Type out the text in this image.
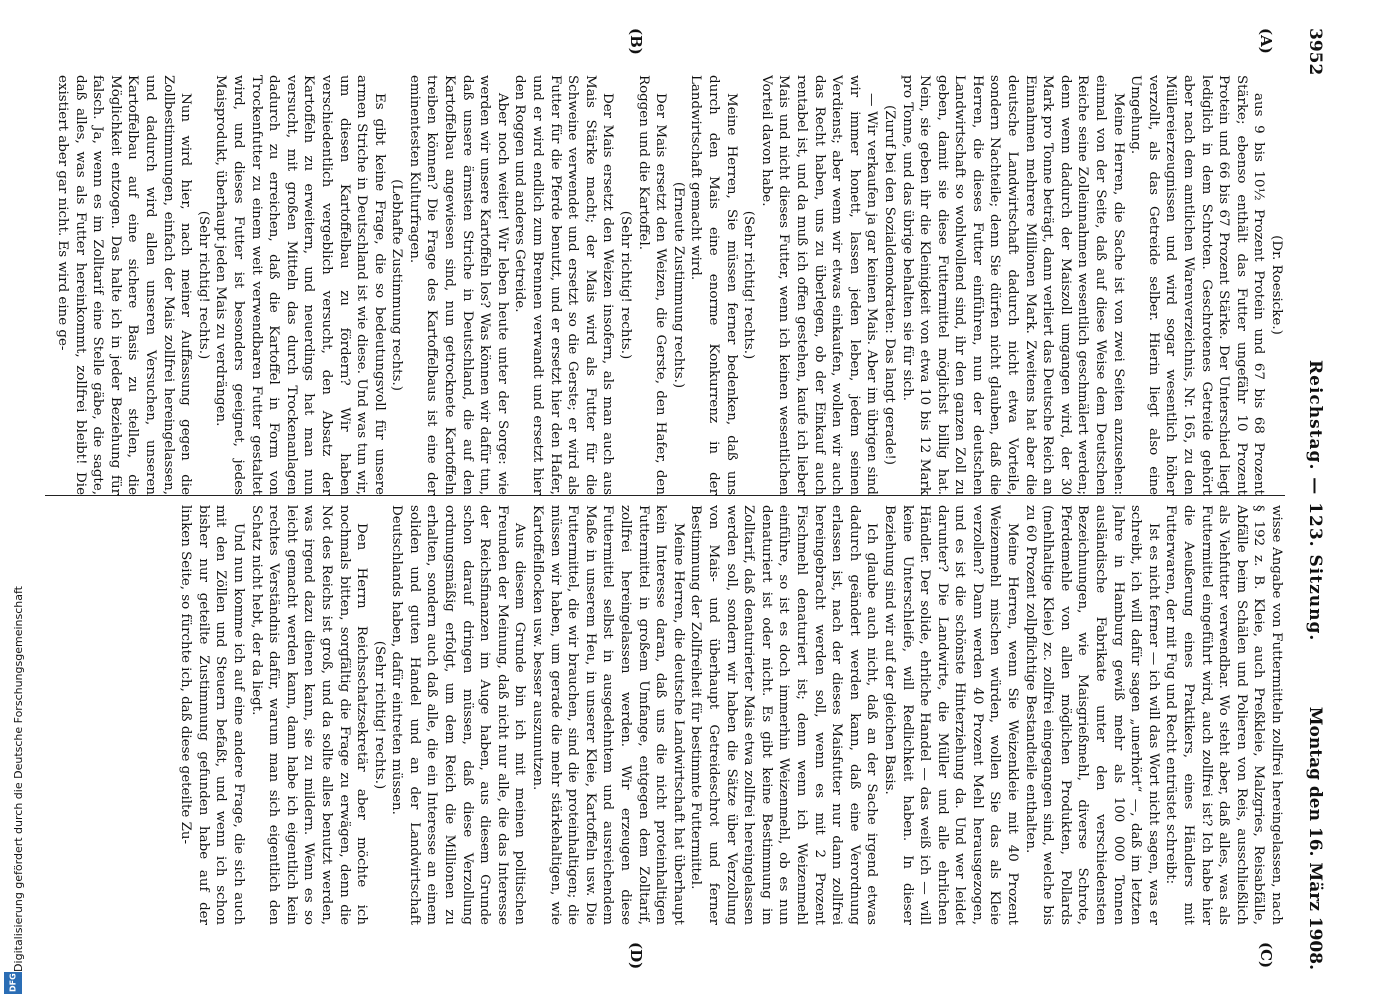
3952
Reichstag. — 123. Sitzung.
Montag den 16. März 1908.
(A)
(B)
(C)
(D)

(Dr. Roesicke.)

aus 9 bis 10½ Prozent Protein und 67 bis 68 Prozent Stärke; ebenso enthält das Futter ungefähr 10 Prozent Protein und 66 bis 67 Prozent Stärke. Der Unterschied liegt lediglich in dem Schroten. Geschrotenes Getreide gehört aber nach dem amtlichen Warenverzeichnis, Nr. 165, zu den Müllereierzeugnissen und wird sogar wesentlich höher verzollt, als das Getreide selber. Hierin liegt also eine Umgehung.

Meine Herren, die Sache ist von zwei Seiten anzusehen: einmal von der Seite, daß auf diese Weise dem Deutschen Reiche seine Zolleinnahmen wesentlich geschmälert werden; denn wenn dadurch der Maiszoll umgangen wird, der 30 Mark pro Tonne beträgt, dann verliert das Deutsche Reich an Einnahmen mehrere Millionen Mark. Zweitens hat aber die deutsche Landwirtschaft dadurch nicht etwa Vorteile, sondern Nachteile; denn Sie dürfen nicht glauben, daß die Herren, die dieses Futter einführen, nun der deutschen Landwirtschaft so wohlwollend sind, ihr den ganzen Zoll zu geben, damit sie diese Futtermittel möglichst billig hat. Nein, sie geben ihr die Kleinigkeit von etwa 10 bis 12 Mark pro Tonne, und das übrige behalten sie für sich.

(Zuruf bei den Sozialdemokraten: Das langt gerade!)

— Wir verkaufen ja gar keinen Mais. Aber im übrigen sind wir immer honett, lassen jeden leben, jedem seinen Verdienst; aber wenn wir etwas einkaufen, wollen wir auch das Recht haben, uns zu überlegen, ob der Einkauf auch rentabel ist, und da muß ich offen gestehen, kaufe ich lieber Mais und nicht dieses Futter, wenn ich keinen wesentlichen Vorteil davon habe.

(Sehr richtig! rechts.)

Meine Herren, Sie müssen ferner bedenken, daß uns durch den Mais eine enorme Konkurrenz in der Landwirtschaft gemacht wird.

(Erneute Zustimmung rechts.)

Der Mais ersetzt den Weizen, die Gerste, den Hafer, den Roggen und die Kartoffel.

(Sehr richtig! rechts.)

Der Mais ersetzt den Weizen insofern, als man auch aus Mais Stärke macht; der Mais wird als Futter für die Schweine verwendet und ersetzt so die Gerste; er wird als Futter für die Pferde benutzt, und er ersetzt hier den Hafer, und er wird endlich zum Brennen verwandt und ersetzt hier den Roggen und anderes Getreide.

Aber noch weiter! Wir leben heute unter der Sorge: wie werden wir unsere Kartoffeln los? Was können wir dafür tun, daß unsere ärmsten Striche in Deutschland, die auf den Kartoffelbau angewiesen sind, nun getrocknete Kartoffeln treiben können? Die Frage des Kartoffelbaus ist eine der eminentesten Kulturfragen.

(Lebhafte Zustimmung rechts.)

Es gibt keine Frage, die so bedeutungsvoll für unsere armen Striche in Deutschland ist wie diese. Und was tun wir, um diesen Kartoffelbau zu fördern? Wir haben verschiedentlich vergeblich versucht, den Absatz der Kartoffeln zu erweitern, und neuerdings hat man nun versucht, mit großen Mitteln das durch Trockenanlagen dadurch zu erreichen, daß die Kartoffel in Form von Trockenfutter zu einem weit verwendbaren Futter gestaltet wird, und dieses Futter ist besonders geeignet, jedes Maisprodukt, überhaupt jeden Mais zu verdrängen.

(Sehr richtig! rechts.)

Nun wird hier, nach meiner Auffassung gegen die Zollbestimmungen, einfach der Mais zollfrei hereingelassen, und dadurch wird allen unseren Versuchen, unseren Kartoffelbau auf eine sichere Basis zu stellen, die Möglichkeit entzogen. Das halte ich in jeder Beziehung für falsch. Ja, wenn es im Zolltarif eine Stelle gäbe, die sagte, daß alles, was als Futter hereinkommt, zollfrei bleibt! Die existiert aber gar nicht. Es wird eine ge-

wisse Angabe von Futtermitteln zollfrei hereingelassen, nach § 192 z. B. Kleie, auch Preßkleie, Malzgries, Reisabfälle, Abfälle beim Schälen und Polieren von Reis, ausschließlich als Viehfutter verwendbar. Wo steht aber, daß alles, was als Futtermittel eingeführt wird, auch zollfrei ist? Ich habe hier die Aeußerung eines Praktikers, eines Händlers mit Futterwaren, der mit Fug und Recht entrüstet schreibt:

Ist es nicht ferner — ich will das Wort nicht sagen, was er schreibt, ich will dafür sagen „unerhört“ —, daß im letzten Jahre in Hamburg gewiß mehr als 100 000 Tonnen ausländische Fabrikate unter den verschiedensten Bezeichnungen, wie Maisgrießmehl, diverse Schrote, Pferdemehle von allen möglichen Produkten, Pollards (mehlhaltige Kleie) zc. zollfrei eingegangen sind, welche bis zu 60 Prozent zollpflichtige Bestandteile enthalten.

Meine Herren, wenn Sie Weizenkleie mit 40 Prozent Weizenmehl mischen würden, wollen Sie das als Kleie verzollen? Dann werden 40 Prozent Mehl herausgezogen, und es ist die schönste Hinterziehung da. Und wer leidet darunter? Die Landwirte, die Müller und alle ehrlichen Händler. Der solide, ehrliche Handel — das weiß ich — will keine Unterschleife, will Redlichkeit haben. In dieser Beziehung sind wir auf der gleichen Basis.

Ich glaube auch nicht, daß an der Sache irgend etwas dadurch geändert werden kann, daß eine Verordnung erlassen ist, nach der dieses Maisfutter nur dann zollfrei hereingebracht werden soll, wenn es mit 2 Prozent Fischmehl denaturiert ist; denn wenn ich Weizenmehl einführe, so ist es doch immerhin Weizenmehl, ob es nun denaturiert ist oder nicht. Es gibt keine Bestimmung im Zolltarif, daß denaturierter Mais etwa zollfrei hereingelassen werden soll, sondern wir haben die Sätze über Verzollung von Mais- und überhaupt Getreideschrot und ferner Bestimmung der Zollfreiheit für bestimmte Futtermittel.

Meine Herren, die deutsche Landwirtschaft hat überhaupt kein Interesse daran, daß uns die nicht proteinhaltigen Futtermittel in großem Umfange, entgegen dem Zolltarif, zollfrei hereingelassen werden. Wir erzeugen diese Futtermittel selbst in ausgedehntem und ausreichendem Maße in unserem Heu, in unserer Kleie, Kartoffeln usw. Die Futtermittel, die wir brauchen, sind die proteinhaltigen; die müssen wir haben, um gerade die mehr stärkehaltigen, wie Kartoffelflocken usw. besser auszunutzen.

Aus diesem Grunde bin ich mit meinen politischen Freunden der Meinung, daß nicht nur alle, die das Interesse der Reichsfinanzen im Auge haben, aus diesem Grunde schon darauf dringen müssen, daß diese Verzollung ordnungsmäßig erfolgt, um dem Reich die Millionen zu erhalten, sondern auch daß alle, die ein Interesse an einem soliden und guten Handel und an der Landwirtschaft Deutschlands haben, dafür eintreten müssen.

(Sehr richtig! rechts.)

Den Herrn Reichsschatzsekretär aber möchte ich nochmals bitten, sorgfältig die Frage zu erwägen, denn die Not des Reichs ist groß, und da sollte alles benutzt werden, was irgend dazu dienen kann, sie zu mildern. Wenn es so leicht gemacht werden kann, dann habe ich eigentlich kein rechtes Verständnis dafür, warum man sich eigentlich den Schatz nicht hebt, der da liegt.

Und nun komme ich auf eine andere Frage, die sich auch mit den Zöllen und Steuern befaßt, und wenn ich schon bisher nur geteilte Zustimmung gefunden habe auf der linken Seite, so fürchte ich, daß diese geteilte Zu-

Digitalisierung gefördert durch die Deutsche Forschungsgemeinschaft
DFG
